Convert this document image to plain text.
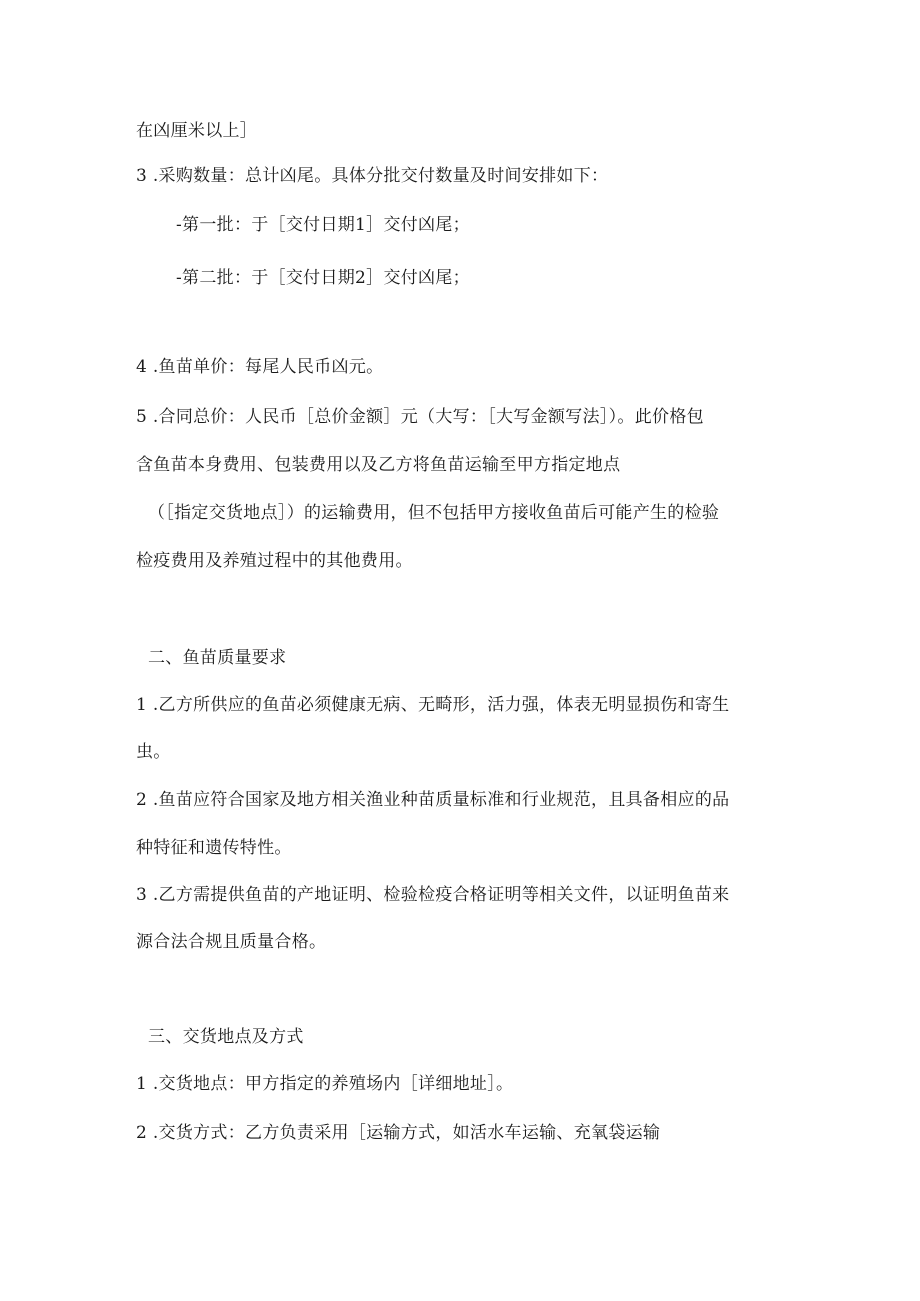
在凶厘米以上］
3 .采购数量：总计凶尾。具体分批交付数量及时间安排如下：
-第一批：于［交付日期1］交付凶尾；
-第二批：于［交付日期2］交付凶尾；
4 .鱼苗单价：每尾人民币凶元。
5 .合同总价：人民币［总价金额］元（大写：［大写金额写法］）。此价格包
含鱼苗本身费用、包装费用以及乙方将鱼苗运输至甲方指定地点
（［指定交货地点］）的运输费用，但不包括甲方接收鱼苗后可能产生的检验
检疫费用及养殖过程中的其他费用。
二、鱼苗质量要求
1 .乙方所供应的鱼苗必须健康无病、无畸形，活力强，体表无明显损伤和寄生
虫。
2 .鱼苗应符合国家及地方相关渔业种苗质量标准和行业规范，且具备相应的品
种特征和遗传特性。
3 .乙方需提供鱼苗的产地证明、检验检疫合格证明等相关文件，以证明鱼苗来
源合法合规且质量合格。
三、交货地点及方式
1 .交货地点：甲方指定的养殖场内［详细地址］。
2 .交货方式：乙方负责采用［运输方式，如活水车运输、充氧袋运输
